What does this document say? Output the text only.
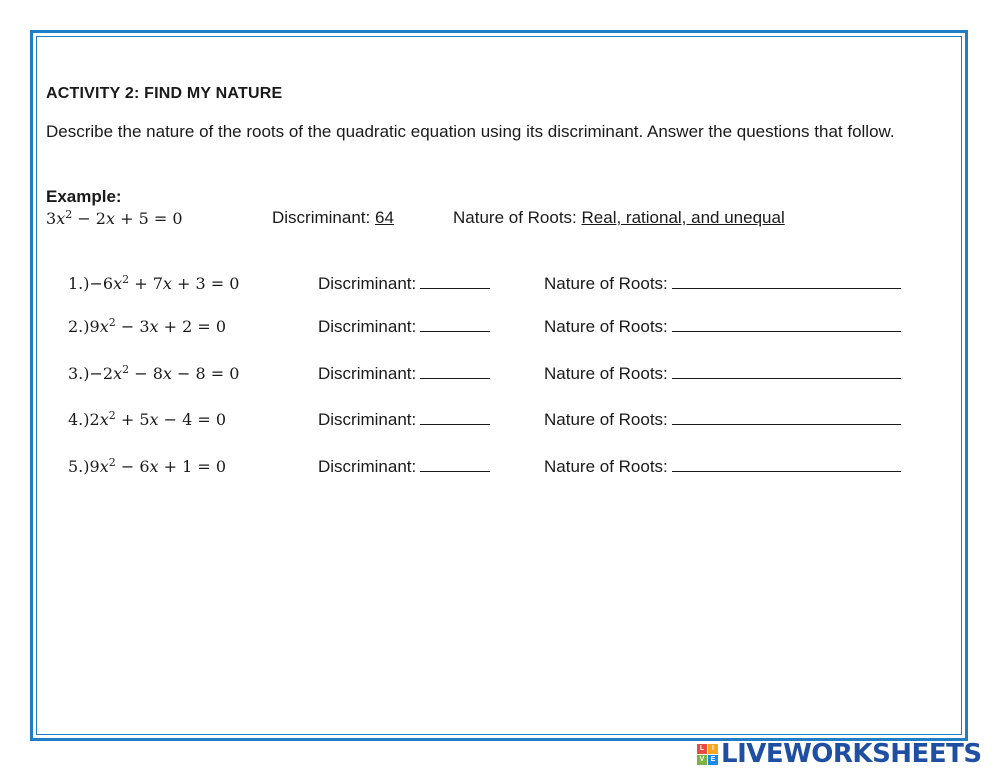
ACTIVITY 2: FIND MY NATURE
Describe the nature of the roots of the quadratic equation using its discriminant. Answer the questions that follow.
Example:
$3x^2 - 2x + 5 = 0$	Discriminant: 64	Nature of Roots: Real, rational, and unequal
$1.)-6x^2 + 7x + 3 = 0$	Discriminant:	Nature of Roots:
$2.)9x^2 - 3x + 2 = 0$	Discriminant:	Nature of Roots:
$3.)-2x^2 - 8x - 8 = 0$	Discriminant:	Nature of Roots:
$4.)2x^2 + 5x - 4 = 0$	Discriminant:	Nature of Roots:
$5.)9x^2 - 6x + 1 = 0$	Discriminant:	Nature of Roots:
L	I
V E LIVEWORKSHEETS
